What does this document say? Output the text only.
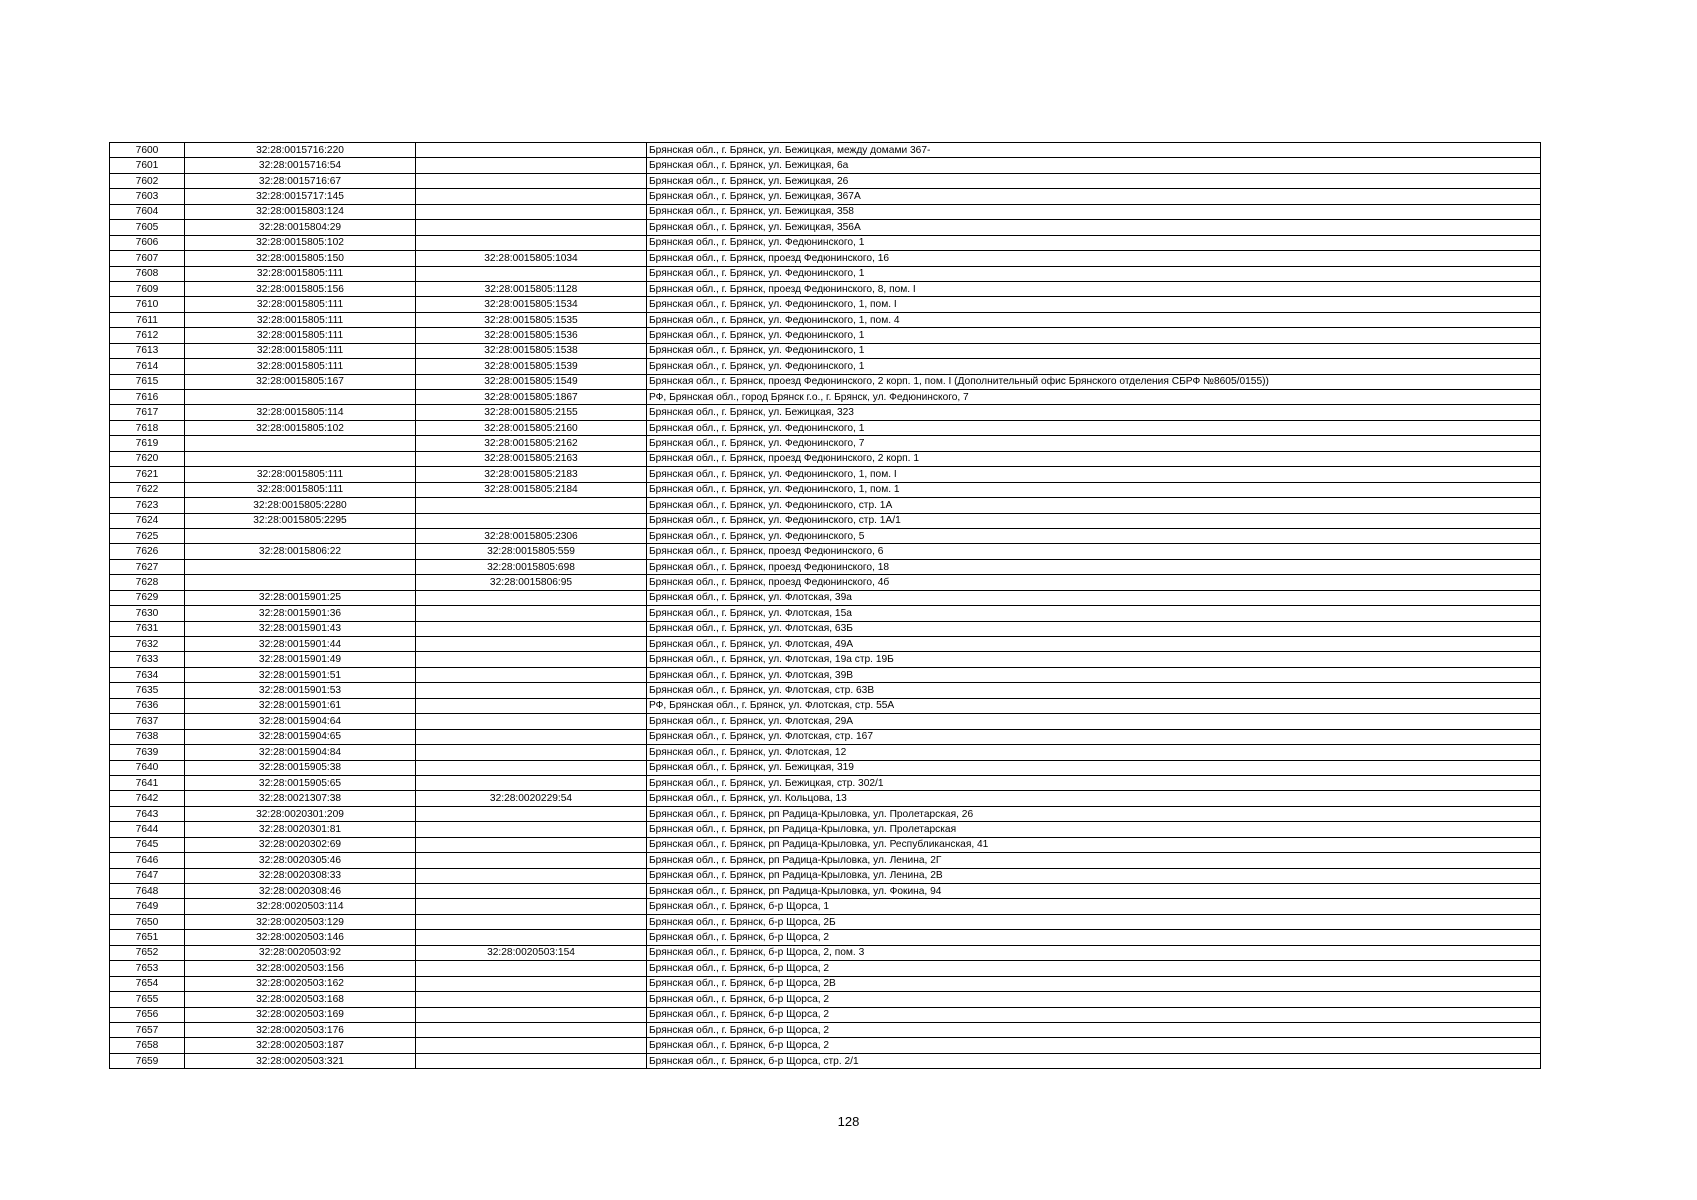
7600	32:28:0015716:220		Брянская обл., г. Брянск, ул. Бежицкая, между домами 367-
7601	32:28:0015716:54		Брянская обл., г. Брянск, ул. Бежицкая, 6а
7602	32:28:0015716:67		Брянская обл., г. Брянск, ул. Бежицкая, 26
7603	32:28:0015717:145		Брянская обл., г. Брянск, ул. Бежицкая, 367А
7604	32:28:0015803:124		Брянская обл., г. Брянск, ул. Бежицкая, 358
7605	32:28:0015804:29		Брянская обл., г. Брянск, ул. Бежицкая, 356А
7606	32:28:0015805:102		Брянская обл., г. Брянск, ул. Федюнинского, 1
7607	32:28:0015805:150	32:28:0015805:1034	Брянская обл., г. Брянск, проезд Федюнинского, 16
7608	32:28:0015805:111		Брянская обл., г. Брянск, ул. Федюнинского, 1
7609	32:28:0015805:156	32:28:0015805:1128	Брянская обл., г. Брянск, проезд Федюнинского, 8, пом. I
7610	32:28:0015805:111	32:28:0015805:1534	Брянская обл., г. Брянск, ул. Федюнинского, 1, пом. I
7611	32:28:0015805:111	32:28:0015805:1535	Брянская обл., г. Брянск, ул. Федюнинского, 1, пом. 4
7612	32:28:0015805:111	32:28:0015805:1536	Брянская обл., г. Брянск, ул. Федюнинского, 1
7613	32:28:0015805:111	32:28:0015805:1538	Брянская обл., г. Брянск, ул. Федюнинского, 1
7614	32:28:0015805:111	32:28:0015805:1539	Брянская обл., г. Брянск, ул. Федюнинского, 1
7615	32:28:0015805:167	32:28:0015805:1549	Брянская обл., г. Брянск, проезд Федюнинского, 2 корп. 1, пом. I (Дополнительный офис Брянского отделения СБРФ №8605/0155))
7616		32:28:0015805:1867	РФ, Брянская обл., город Брянск г.о., г. Брянск, ул. Федюнинского, 7
7617	32:28:0015805:114	32:28:0015805:2155	Брянская обл., г. Брянск, ул. Бежицкая, 323
7618	32:28:0015805:102	32:28:0015805:2160	Брянская обл., г. Брянск, ул. Федюнинского, 1
7619		32:28:0015805:2162	Брянская обл., г. Брянск, ул. Федюнинского, 7
7620		32:28:0015805:2163	Брянская обл., г. Брянск, проезд Федюнинского, 2 корп. 1
7621	32:28:0015805:111	32:28:0015805:2183	Брянская обл., г. Брянск, ул. Федюнинского, 1, пом. I
7622	32:28:0015805:111	32:28:0015805:2184	Брянская обл., г. Брянск, ул. Федюнинского, 1, пом. 1
7623	32:28:0015805:2280		Брянская обл., г. Брянск, ул. Федюнинского, стр. 1А
7624	32:28:0015805:2295		Брянская обл., г. Брянск, ул. Федюнинского, стр. 1А/1
7625		32:28:0015805:2306	Брянская обл., г. Брянск, ул. Федюнинского, 5
7626	32:28:0015806:22	32:28:0015805:559	Брянская обл., г. Брянск, проезд Федюнинского, 6
7627		32:28:0015805:698	Брянская обл., г. Брянск, проезд Федюнинского, 18
7628		32:28:0015806:95	Брянская обл., г. Брянск, проезд Федюнинского, 4б
7629	32:28:0015901:25		Брянская обл., г. Брянск, ул. Флотская, 39а
7630	32:28:0015901:36		Брянская обл., г. Брянск, ул. Флотская, 15а
7631	32:28:0015901:43		Брянская обл., г. Брянск, ул. Флотская, 63Б
7632	32:28:0015901:44		Брянская обл., г. Брянск, ул. Флотская, 49А
7633	32:28:0015901:49		Брянская обл., г. Брянск, ул. Флотская, 19а стр. 19Б
7634	32:28:0015901:51		Брянская обл., г. Брянск, ул. Флотская, 39В
7635	32:28:0015901:53		Брянская обл., г. Брянск, ул. Флотская, стр. 63В
7636	32:28:0015901:61		РФ, Брянская обл., г. Брянск, ул. Флотская, стр. 55А
7637	32:28:0015904:64		Брянская обл., г. Брянск, ул. Флотская, 29А
7638	32:28:0015904:65		Брянская обл., г. Брянск, ул. Флотская, стр. 167
7639	32:28:0015904:84		Брянская обл., г. Брянск, ул. Флотская, 12
7640	32:28:0015905:38		Брянская обл., г. Брянск, ул. Бежицкая, 319
7641	32:28:0015905:65		Брянская обл., г. Брянск, ул. Бежицкая, стр. 302/1
7642	32:28:0021307:38	32:28:0020229:54	Брянская обл., г. Брянск, ул. Кольцова, 13
7643	32:28:0020301:209		Брянская обл., г. Брянск, рп Радица-Крыловка, ул. Пролетарская, 26
7644	32:28:0020301:81		Брянская обл., г. Брянск, рп Радица-Крыловка, ул. Пролетарская
7645	32:28:0020302:69		Брянская обл., г. Брянск, рп Радица-Крыловка, ул. Республиканская, 41
7646	32:28:0020305:46		Брянская обл., г. Брянск, рп Радица-Крыловка, ул. Ленина, 2Г
7647	32:28:0020308:33		Брянская обл., г. Брянск, рп Радица-Крыловка, ул. Ленина, 2В
7648	32:28:0020308:46		Брянская обл., г. Брянск, рп Радица-Крыловка, ул. Фокина, 94
7649	32:28:0020503:114		Брянская обл., г. Брянск, б-р Щорса, 1
7650	32:28:0020503:129		Брянская обл., г. Брянск, б-р Щорса, 2Б
7651	32:28:0020503:146		Брянская обл., г. Брянск, б-р Щорса, 2
7652	32:28:0020503:92	32:28:0020503:154	Брянская обл., г. Брянск, б-р Щорса, 2, пом. 3
7653	32:28:0020503:156		Брянская обл., г. Брянск, б-р Щорса, 2
7654	32:28:0020503:162		Брянская обл., г. Брянск, б-р Щорса, 2В
7655	32:28:0020503:168		Брянская обл., г. Брянск, б-р Щорса, 2
7656	32:28:0020503:169		Брянская обл., г. Брянск, б-р Щорса, 2
7657	32:28:0020503:176		Брянская обл., г. Брянск, б-р Щорса, 2
7658	32:28:0020503:187		Брянская обл., г. Брянск, б-р Щорса, 2
7659	32:28:0020503:321		Брянская обл., г. Брянск, б-р Щорса, стр. 2/1
128
